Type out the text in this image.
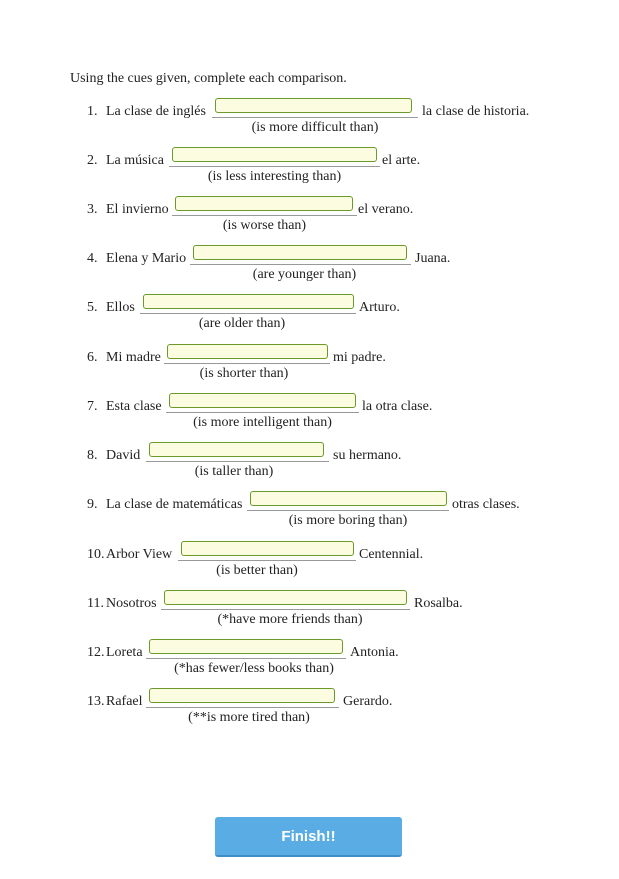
Using the cues given, complete each comparison.
1. La clase de inglés
(is more difficult than)
la clase de historia.
2. La música
(is less interesting than)
el arte.
3. El invierno
(is worse than)
el verano.
4. Elena y Mario
(are younger than)
Juana.
5. Ellos
(are older than)
Arturo.
6. Mi madre
(is shorter than)
mi padre.
7. Esta clase
(is more intelligent than)
la otra clase.
8. David
(is taller than)
su hermano.
9. La clase de matemáticas
(is more boring than)
otras clases.
10. Arbor View
(is better than)
Centennial.
11. Nosotros
(*have more friends than)
Rosalba.
12. Loreta
(*has fewer/less books than)
Antonia.
13. Rafael
(**is more tired than)
Gerardo.
Finish!!
